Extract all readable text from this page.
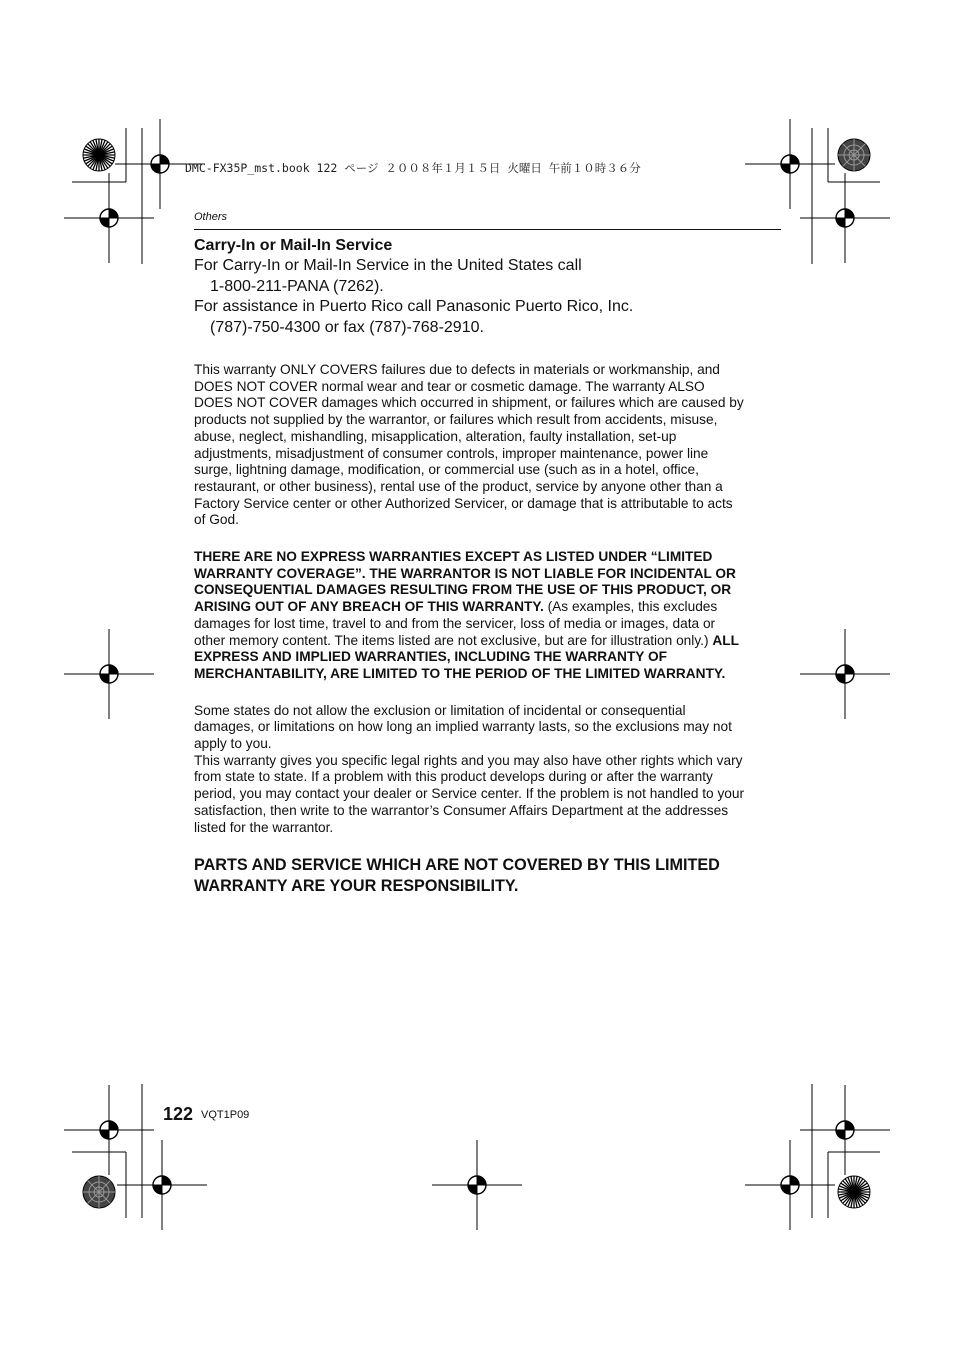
DMC-FX35P_mst.book 122 ページ ２００８年１月１５日 火曜日 午前１０時３６分
Others

Carry-In or Mail-In Service

For Carry-In or Mail-In Service in the United States call

1-800-211-PANA (7262).

For assistance in Puerto Rico call Panasonic Puerto Rico, Inc.

(787)-750-4300 or fax (787)-768-2910.

This warranty ONLY COVERS failures due to defects in materials or workmanship, and

DOES NOT COVER normal wear and tear or cosmetic damage. The warranty ALSO

DOES NOT COVER damages which occurred in shipment, or failures which are caused by

products not supplied by the warrantor, or failures which result from accidents, misuse,

abuse, neglect, mishandling, misapplication, alteration, faulty installation, set-up

adjustments, misadjustment of consumer controls, improper maintenance, power line

surge, lightning damage, modification, or commercial use (such as in a hotel, office,

restaurant, or other business), rental use of the product, service by anyone other than a

Factory Service center or other Authorized Servicer, or damage that is attributable to acts

of God.

THERE ARE NO EXPRESS WARRANTIES EXCEPT AS LISTED UNDER “LIMITED

WARRANTY COVERAGE”. THE WARRANTOR IS NOT LIABLE FOR INCIDENTAL OR

CONSEQUENTIAL DAMAGES RESULTING FROM THE USE OF THIS PRODUCT, OR

ARISING OUT OF ANY BREACH OF THIS WARRANTY. (As examples, this excludes

damages for lost time, travel to and from the servicer, loss of media or images, data or

other memory content. The items listed are not exclusive, but are for illustration only.) ALL

EXPRESS AND IMPLIED WARRANTIES, INCLUDING THE WARRANTY OF

MERCHANTABILITY, ARE LIMITED TO THE PERIOD OF THE LIMITED WARRANTY.

Some states do not allow the exclusion or limitation of incidental or consequential

damages, or limitations on how long an implied warranty lasts, so the exclusions may not

apply to you.

This warranty gives you specific legal rights and you may also have other rights which vary

from state to state. If a problem with this product develops during or after the warranty

period, you may contact your dealer or Service center. If the problem is not handled to your

satisfaction, then write to the warrantor’s Consumer Affairs Department at the addresses

listed for the warrantor.

PARTS AND SERVICE WHICH ARE NOT COVERED BY THIS LIMITED

WARRANTY ARE YOUR RESPONSIBILITY.

122 VQT1P09
